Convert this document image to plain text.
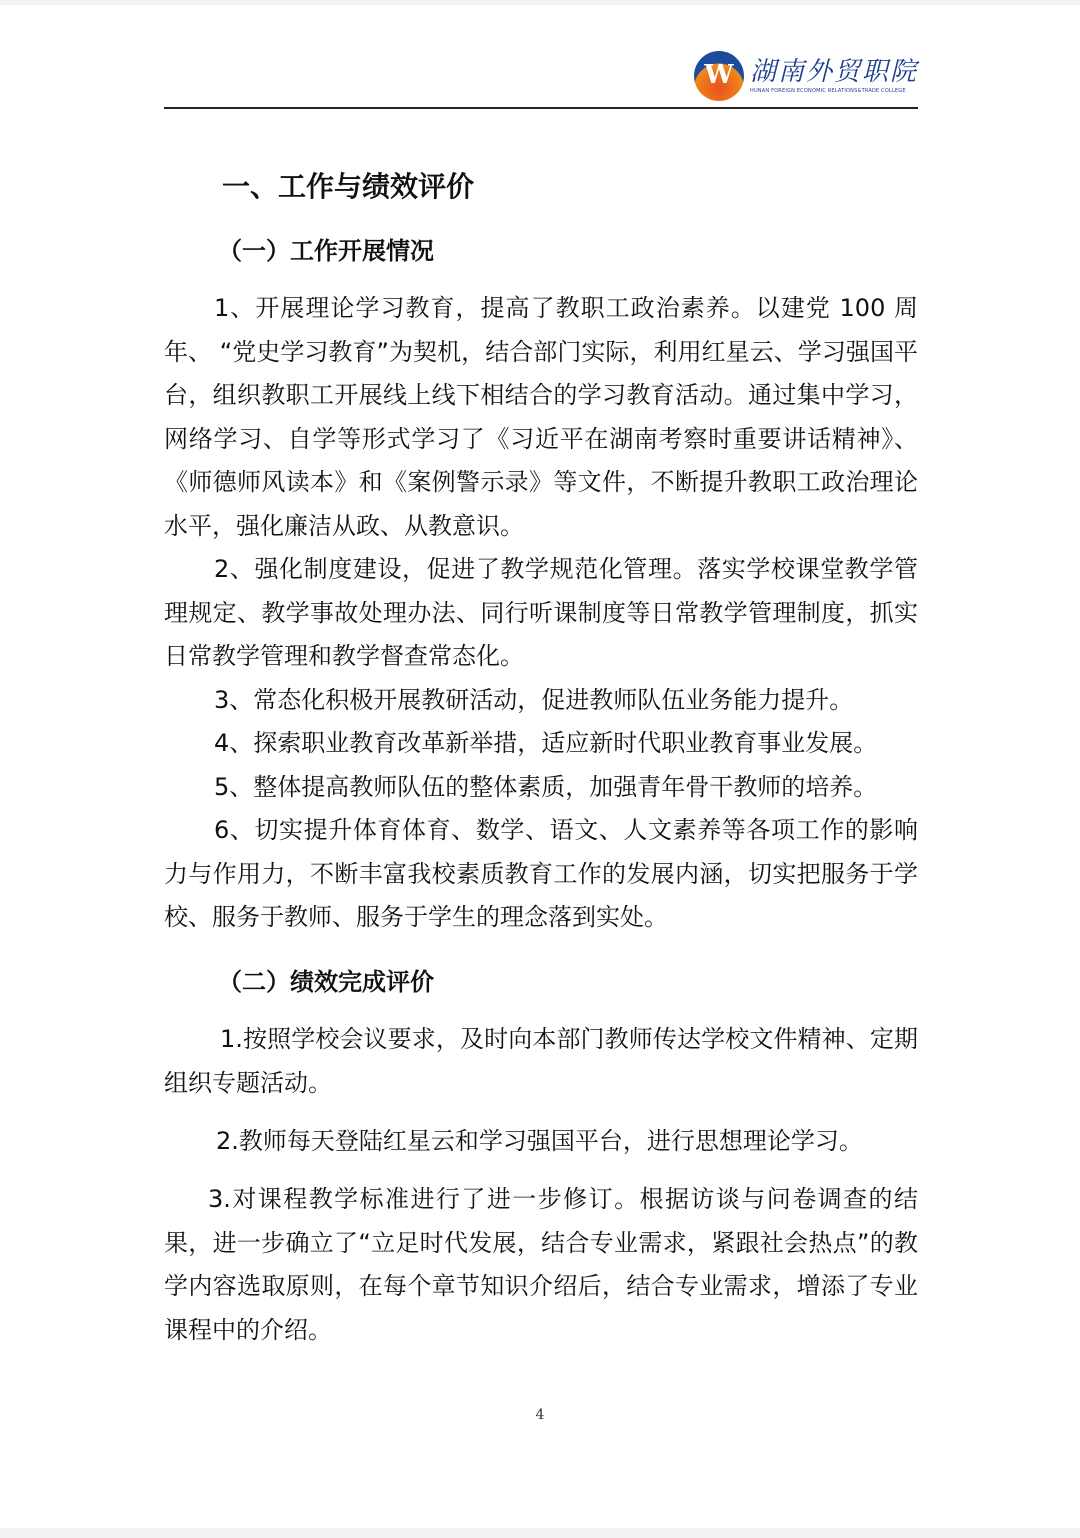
W
湖南外贸职院
HUNAN FOREIGN ECONOMIC RELATIONS&TRADE COLLEGE
一、工作与绩效评价
（一）工作开展情况
1、开展理论学习教育，提高了教职工政治素养。以建党 100 周年、 “党史学习教育”为契机，结合部门实际，利用红星云、学习强国平台，组织教职工开展线上线下相结合的学习教育活动。通过集中学习，网络学习、自学等形式学习了《习近平在湖南考察时重要讲话精神》、《师德师风读本》和《案例警示录》等文件，不断提升教职工政治理论水平，强化廉洁从政、从教意识。
2、强化制度建设，促进了教学规范化管理。落实学校课堂教学管理规定、教学事故处理办法、同行听课制度等日常教学管理制度，抓实日常教学管理和教学督查常态化。
3、常态化积极开展教研活动，促进教师队伍业务能力提升。
4、探索职业教育改革新举措，适应新时代职业教育事业发展。
5、整体提高教师队伍的整体素质，加强青年骨干教师的培养。
6、切实提升体育体育、数学、语文、人文素养等各项工作的影响力与作用力，不断丰富我校素质教育工作的发展内涵，切实把服务于学校、服务于教师、服务于学生的理念落到实处。
（二）绩效完成评价
1.按照学校会议要求，及时向本部门教师传达学校文件精神、定期组织专题活动。
2.教师每天登陆红星云和学习强国平台，进行思想理论学习。
3.对课程教学标准进行了进一步修订。根据访谈与问卷调查的结果，进一步确立了“立足时代发展，结合专业需求，紧跟社会热点”的教学内容选取原则，在每个章节知识介绍后，结合专业需求，增添了专业课程中的介绍。
4
